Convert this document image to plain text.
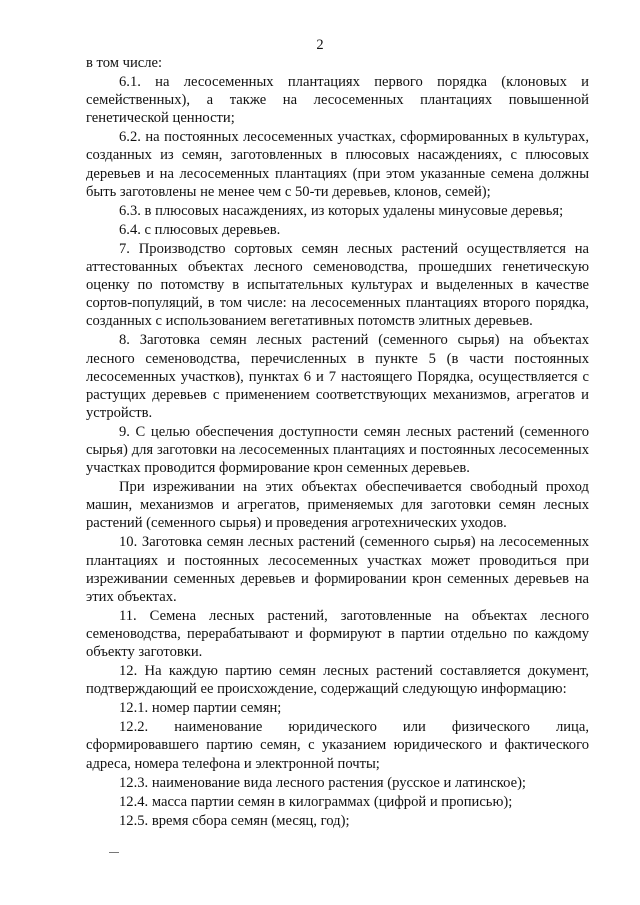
2

в том числе:

6.1. на лесосеменных плантациях первого порядка (клоновых и семейственных), а также на лесосеменных плантациях повышенной генетической ценности;

6.2. на постоянных лесосеменных участках, сформированных в культурах, созданных из семян, заготовленных в плюсовых насаждениях, с плюсовых деревьев и на лесосеменных плантациях (при этом указанные семена должны быть заготовлены не менее чем с 50-ти деревьев, клонов, семей);

6.3. в плюсовых насаждениях, из которых удалены минусовые деревья;

6.4. с плюсовых деревьев.

7. Производство сортовых семян лесных растений осуществляется на аттестованных объектах лесного семеноводства, прошедших генетическую оценку по потомству в испытательных культурах и выделенных в качестве сортов-популяций, в том числе: на лесосеменных плантациях второго порядка, созданных с использованием вегетативных потомств элитных деревьев.

8. Заготовка семян лесных растений (семенного сырья) на объектах лесного семеноводства, перечисленных в пункте 5 (в части постоянных лесосеменных участков), пунктах 6 и 7 настоящего Порядка, осуществляется с растущих деревьев с применением соответствующих механизмов, агрегатов и устройств.

9. С целью обеспечения доступности семян лесных растений (семенного сырья) для заготовки на лесосеменных плантациях и постоянных лесосеменных участках проводится формирование крон семенных деревьев.

При изреживании на этих объектах обеспечивается свободный проход машин, механизмов и агрегатов, применяемых для заготовки семян лесных растений (семенного сырья) и проведения агротехнических уходов.

10. Заготовка семян лесных растений (семенного сырья) на лесосеменных плантациях и постоянных лесосеменных участках может проводиться при изреживании семенных деревьев и формировании крон семенных деревьев на этих объектах.

11. Семена лесных растений, заготовленные на объектах лесного семеноводства, перерабатывают и формируют в партии отдельно по каждому объекту заготовки.

12. На каждую партию семян лесных растений составляется документ, подтверждающий ее происхождение, содержащий следующую информацию:

12.1. номер партии семян;

12.2. наименование юридического или физического лица, сформировавшего партию семян, с указанием юридического и фактического адреса, номера телефона и электронной почты;

12.3. наименование вида лесного растения (русское и латинское);

12.4. масса партии семян в килограммах (цифрой и прописью);

12.5. время сбора семян (месяц, год);
